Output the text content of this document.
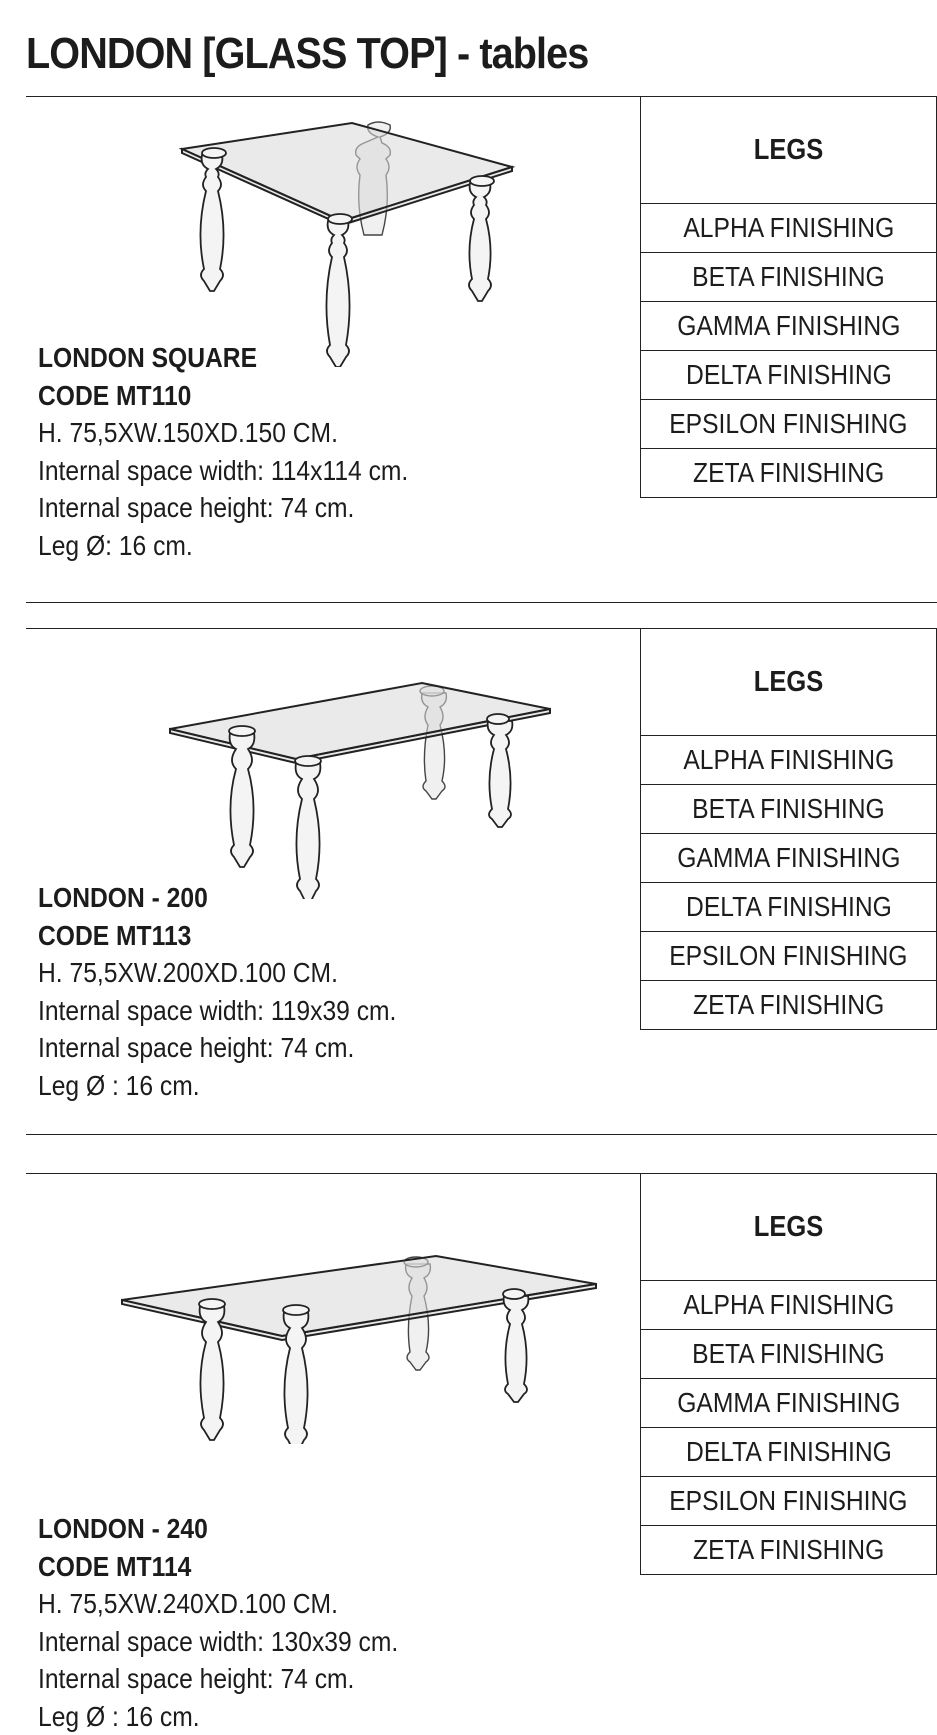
LONDON [GLASS TOP] - tables
LONDON SQUARE
CODE MT110
H. 75,5XW.150XD.150 CM.
Internal space width: 114x114 cm.
Internal space height: 74 cm.
Leg Ø: 16 cm.
LEGS
ALPHA FINISHING
BETA FINISHING
GAMMA FINISHING
DELTA FINISHING
EPSILON FINISHING
ZETA FINISHING
LONDON - 200
CODE MT113
H. 75,5XW.200XD.100 CM.
Internal space width: 119x39 cm.
Internal space height: 74 cm.
Leg Ø : 16 cm.
LEGS
ALPHA FINISHING
BETA FINISHING
GAMMA FINISHING
DELTA FINISHING
EPSILON FINISHING
ZETA FINISHING
LONDON - 240
CODE MT114
H. 75,5XW.240XD.100 CM.
Internal space width: 130x39 cm.
Internal space height: 74 cm.
Leg Ø : 16 cm.
LEGS
ALPHA FINISHING
BETA FINISHING
GAMMA FINISHING
DELTA FINISHING
EPSILON FINISHING
ZETA FINISHING
